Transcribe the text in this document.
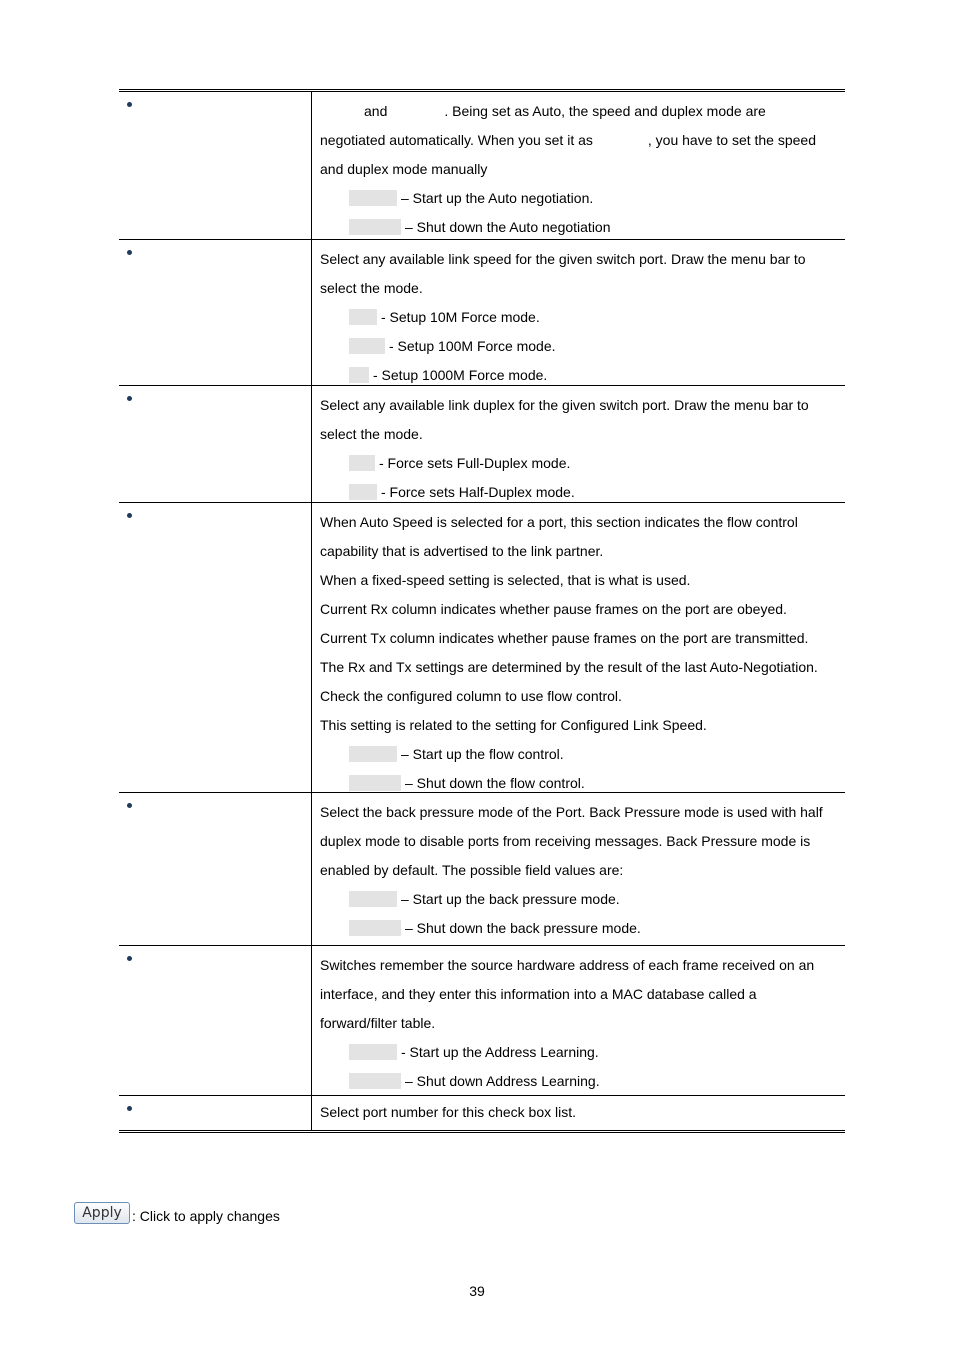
and	. Being set as Auto, the speed and duplex mode are
negotiated automatically. When you set it as	, you have to set the speed
and duplex mode manually
– Start up the Auto negotiation.
– Shut down the Auto negotiation
Select any available link speed for the given switch port. Draw the menu bar to
select the mode.
- Setup 10M Force mode.
- Setup 100M Force mode.
- Setup 1000M Force mode.
Select any available link duplex for the given switch port. Draw the menu bar to
select the mode.
- Force sets Full-Duplex mode.
- Force sets Half-Duplex mode.
When Auto Speed is selected for a port, this section indicates the flow control
capability that is advertised to the link partner.
When a fixed-speed setting is selected, that is what is used.
Current Rx column indicates whether pause frames on the port are obeyed.
Current Tx column indicates whether pause frames on the port are transmitted.
The Rx and Tx settings are determined by the result of the last Auto-Negotiation.
Check the configured column to use flow control.
This setting is related to the setting for Configured Link Speed.
– Start up the flow control.
– Shut down the flow control.
Select the back pressure mode of the Port. Back Pressure mode is used with half
duplex mode to disable ports from receiving messages. Back Pressure mode is
enabled by default. The possible field values are:
– Start up the back pressure mode.
– Shut down the back pressure mode.
Switches remember the source hardware address of each frame received on an
interface, and they enter this information into a MAC database called a
forward/filter table.
- Start up the Address Learning.
– Shut down Address Learning.
Select port number for this check box list.
Apply : Click to apply changes
39
